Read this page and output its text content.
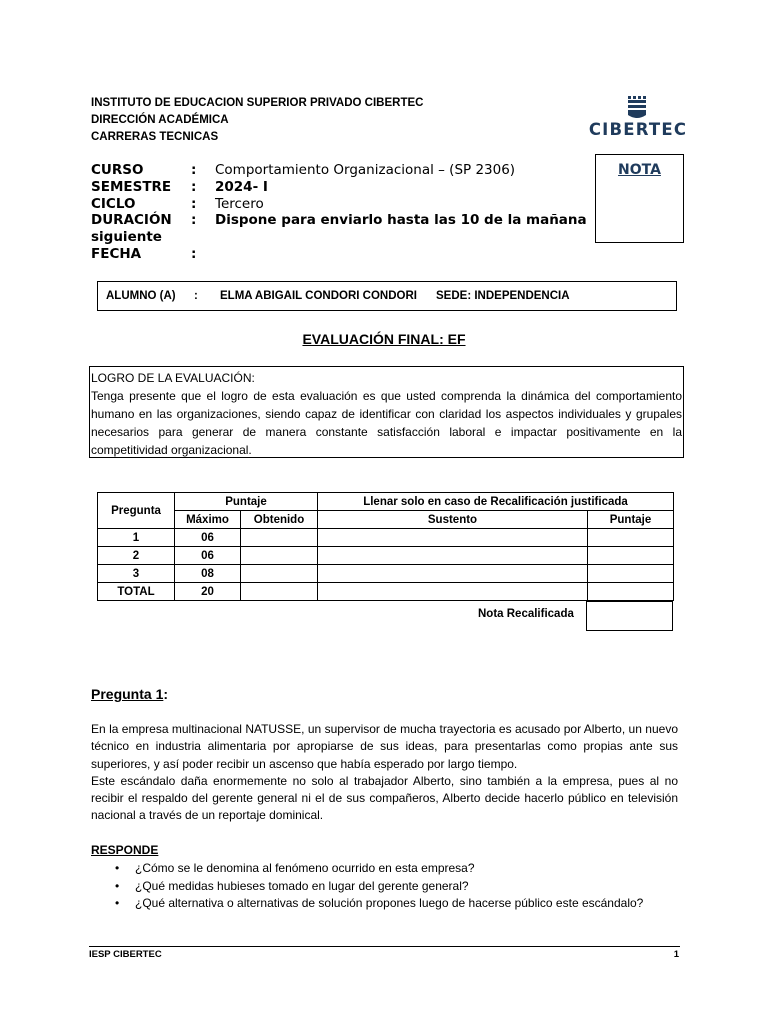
INSTITUTO DE EDUCACION SUPERIOR PRIVADO CIBERTEC
DIRECCIÓN ACADÉMICA
CARRERAS TECNICAS	CIBERTEC
CURSO	: Comportamiento Organizacional – (SP 2306)
SEMESTRE : 2024- I
CICLO	: Tercero
DURACIÓN : Dispone para enviarlo hasta las 10 de la mañana
siguiente
FECHA	:
NOTA
ALUMNO (A) : ELMA ABIGAIL CONDORI CONDORI SEDE: INDEPENDENCIA
EVALUACIÓN FINAL: EF
LOGRO DE LA EVALUACIÓN:
Tenga presente que el logro de esta evaluación es que usted comprenda la dinámica del comportamiento humano en las organizaciones, siendo capaz de identificar con claridad los aspectos individuales y grupales necesarios para generar de manera constante satisfacción laboral e impactar positivamente en la competitividad organizacional.
Pregunta	Puntaje		Llenar solo en caso de Recalificación justificada	
	Máximo	Obtenido	Sustento	Puntaje
1	06			
2	06			
3	08			
TOTAL	20			
Nota Recalificada
Pregunta 1:

En la empresa multinacional NATUSSE, un supervisor de mucha trayectoria es acusado por Alberto, un nuevo técnico en industria alimentaria por apropiarse de sus ideas, para presentarlas como propias ante sus superiores, y así poder recibir un ascenso que había esperado por largo tiempo.

Este escándalo daña enormemente no solo al trabajador Alberto, sino también a la empresa, pues al no recibir el respaldo del gerente general ni el de sus compañeros, Alberto decide hacerlo público en televisión nacional a través de un reportaje dominical.

RESPONDE
• ¿Cómo se le denomina al fenómeno ocurrido en esta empresa?
• ¿Qué medidas hubieses tomado en lugar del gerente general?
• ¿Qué alternativa o alternativas de solución propones luego de hacerse público este escándalo?
IESP CIBERTEC	1
